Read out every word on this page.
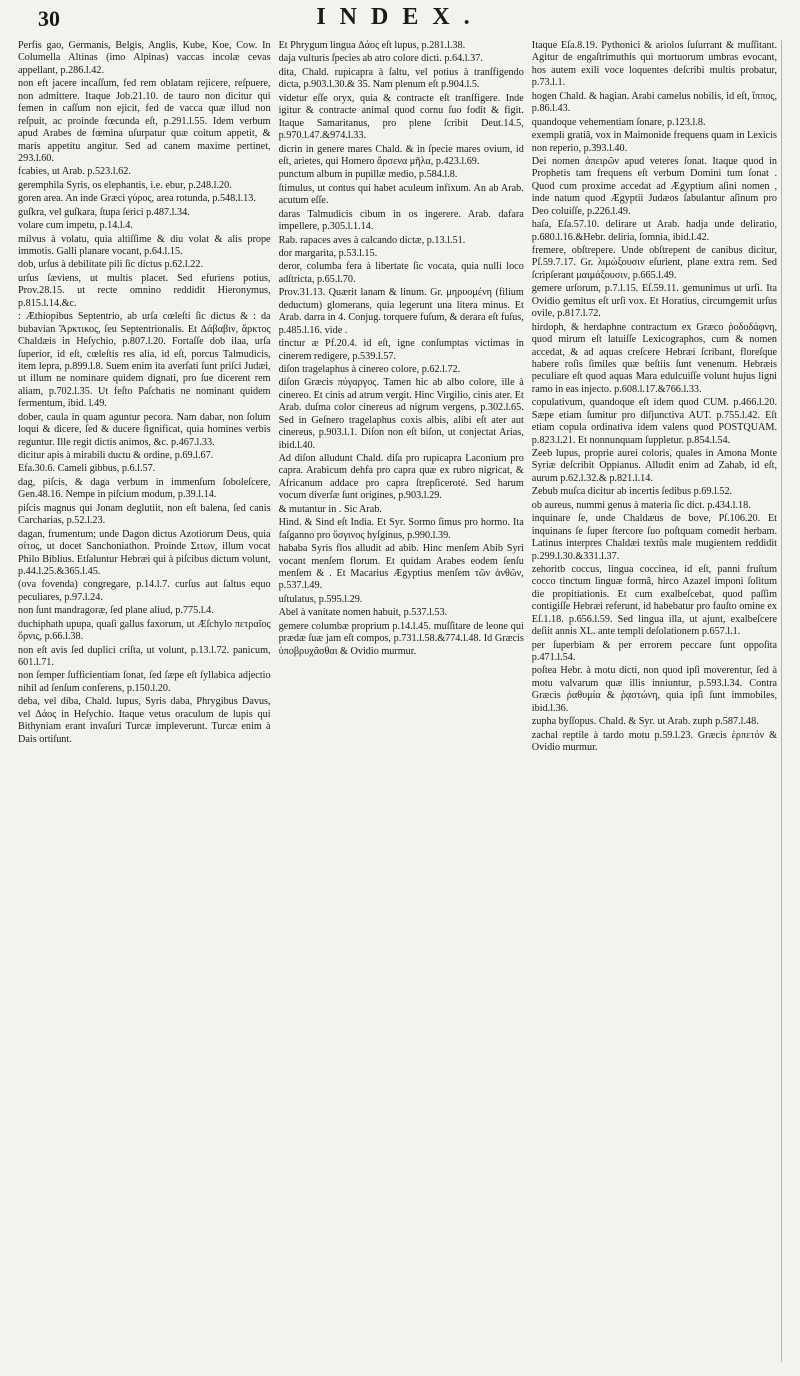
30	INDEX.

Perfis gao, Germanis, Belgis, Anglis, Kube, Koe, Cow. In Columella Altinas (imo Alpinas) vaccas incolæ cevas appellant, p.286.l.42.

non eft jacere incaſſum, fed rem oblatam rejicere, reſpuere, non admittere. Itaque Job.21.10. de tauro non dicitur qui femen in caſſum non ejicit, fed de vacca quæ illud non reſpuit, ac proinde fœcunda eſt, p.291.l.55. Idem verbum apud Arabes de fœmina uſurpatur quæ coitum appetit, & maris appetitu angitur. Sed ad canem maxime pertinet, 293.l.60.

fcabies, ut Arab. p.523.l.62.

geremphila Syris, os elephantis, i.e. ebur, p.248.l.20.

goren area. An inde Græci γύρος, area rotunda, p.548.l.13.

guſkra, vel guſkara, ſtupa ſerici p.487.l.34.

volare cum impetu, p.14.l.4.

milvus à volatu, quia altiſſime & diu volat & alis prope immotis. Galli planare vocant, p.64.l.15.

dob, urſus à debilitate pili ſic dictus p.62.l.22.

urſus ſæviens, ut multis placet. Sed efuriens potius, Prov.28.15. ut recte omnino reddidit Hieronymus, p.815.l.14.&c.

: Æthiopibus Septentrio, ab urſa cœleſti ſic dictus & : da bubavian Ἄρκτικος, ſeu Septentrionalis. Et Δάβαβιν, ἄρκτος Chaldæis in Heſychio, p.807.l.20. Fortaſſe dob ilaa, urſa ſuperior, id eſt, cœleſtis res alia, id eſt, porcus Talmudicis, item lepra, p.899.l.8. Suem enim ita averſati ſunt priſci Judæi, ut illum ne nominare quidem dignati, pro ſue dicerent rem aliam, p.702.l.35. Ut feſto Paſchatis ne nominant quidem fermentum, ibid. l.49.

dober, caula in quam aguntur pecora. Nam dabar, non ſolum loqui & dicere, ſed & ducere ſignificat, quia homines verbis reguntur. Ille regit dictis animos, &c. p.467.l.33.

dicitur apis à mirabili ductu & ordine, p.69.l.67.

Efa.30.6. Cameli gibbus, p.6.l.57.

dag, piſcis, & daga verbum in immenſum ſoboleſcere, Gen.48.16. Nempe in piſcium modum, p.39.l.14.

piſcis magnus qui Jonam deglutiit, non eſt balena, ſed canis Carcharias, p.52.l.23.

dagan, frumentum; unde Dagon dictus Azotiorum Deus, quia σίτος, ut docet Sanchoniathon. Proinde Σιτων, illum vocat Philo Biblius. Etſaluntur Hebræi qui à piſcibus dictum volunt, p.44.l.25.&365.l.45.

(ova fovenda) congregare, p.14.l.7. curſus aut ſaltus equo peculiares, p.97.l.24.

non ſunt mandragoræ, ſed plane aliud, p.775.l.4.

duchiphath upupa, quaſi gallus faxorum, ut Æſchylo πετραῖος ὄρνις, p.66.l.38.

non eſt avis ſed duplici criſta, ut volunt, p.13.l.72. panicum, 601.l.71.

non ſemper ſufficientiam ſonat, ſed ſæpe eſt ſyllabica adjectio nihil ad ſenſum conferens, p.150.l.20.

deba, vel diba, Chald. lupus, Syris daba, Phrygibus Davus, vel Δάος in Heſychio. Itaque vetus oraculum de lupis qui Bithyniam erant invaſuri Turcæ impleverunt. Turcæ enim à Dais ortiſunt.

Et Phrygum lingua Δάος eſt lupus, p.281.l.38.

daja vulturis ſpecies ab atro colore dicti. p.64.l.37.

dita, Chald. rupicapra à ſaltu, vel potius à tranſfigendo dicta, p.903.l.30.& 35. Nam plenum eſt p.904.l.5.

videtur eſſe oryx, quia & contracte eſt tranſfigere. Inde igitur & contracte animal quod cornu ſuo fodit & figit. Itaque Samaritanus, pro plene ſcribit Deut.14.5, p.970.l.47.&974.l.33.

dicrin in genere mares Chald. & in ſpecie mares ovium, id eſt, arietes, qui Homero ἄρσενα μῆλα, p.423.l.69.

punctum album in pupillæ medio, p.584.l.8.

ſtimulus, ut contus qui habet aculeum infixum. An ab Arab. acutum eſſe.

daras Talmudicis cibum in os ingerere. Arab. dafara impellere, p.305.l.1.14.

Rab. rapaces aves à calcando dictæ, p.13.l.51.

dor margarita, p.53.l.15.

deror, columba fera à libertate ſic vocata, quia nulli loco adſtricta, p.65.l.70.

Prov.31.13. Quærit lanam & linum. Gr. μηρυομένη (filium deductum) glomerans, quia legerunt una litera minus. Et Arab. darra in 4. Conjug. torquere fuſum, & derara eſt fuſus, p.485.l.16. vide .

tinctur æ Pf.20.4. id eſt, igne conſumptas victimas in cinerem redigere, p.539.l.57.

diſon tragelaphus à cinereo colore, p.62.l.72.

diſon Græcis πύγαργος. Tamen hic ab albo colore, ille à cinereo. Et cinis ad atrum vergit. Hinc Virgilio, cinis ater. Et Arab. duſma color cinereus ad nigrum vergens, p.302.l.65. Sed in Geſnero tragelaphus coxis albis, alibi eſt ater aut cinereus, p.903.l.1. Diſon non eſt biſon, ut conjectat Arias, ibid.l.40.

Ad diſon alludunt Chald. diſa pro rupicapra Laconium pro capra. Arabicum dehfa pro capra quæ ex rubro nigricat, & Africanum addace pro capra ſtrepſiceroté. Sed harum vocum diverſæ ſunt origines, p.903.l.29.

& mutantur in . Sic Arab.

Hind. & Sind eſt India. Et Syr. Sormo ſimus pro hormo. Ita faſganno pro ὕσγινος hyſginus, p.990.l.39.

hababa Syris flos alludit ad abib. Hinc menſem Abib Syri vocant menſem florum. Et quidam Arabes eodem ſenſu menſem & . Et Macarius Ægyptius menſem τῶν ἀνθῶν, p.537.l.49.

uſtulatus, p.595.l.29.

Abel à vanitate nomen habuit, p.537.l.53.

gemere columbæ proprium p.14.l.45. muſſitare de leone qui prædæ ſuæ jam eſt compos, p.731.l.58.&774.l.48. Id Græcis ὑποβρυχᾶσθαι & Ovidio murmur.

Itaque Eſa.8.19. Pythonici & ariolos ſuſurrant & muſſitant. Agitur de engaſtrimuthis qui mortuorum umbras evocant, hos autem exili voce loquentes deſcribi multis probatur, p.73.l.1.

hogen Chald. & hagian. Arabi camelus nobilis, id eſt, ἵππος, p.86.l.43.

quandoque vehementiam ſonare, p.123.l.8.

exempli gratiâ, vox in Maimonide frequens quam in Lexicis non reperio, p.393.l.40.

Dei nomen ἀπειρῶν apud veteres ſonat. Itaque quod in Prophetis tam frequens eſt verbum Domini tum ſonat . Quod cum proxime accedat ad Ægyptium aſini nomen , inde natum quod Ægyptii Judæos ſabulantur aſinum pro Deo coluiſſe, p.226.l.49.

haſa, Eſa.57.10. delirare ut Arab. hadja unde deliratio, p.680.l.16.&Hebr. deliria, ſomnia, ibid.l.42.

fremere, obſtrepere. Unde obſtrepent de canibus dicitur, Pſ.59.7.17. Gr. λιμώξουσιν eſurient, plane extra rem. Sed ſcripſerant μαιμάξουσιν, p.665.l.49.

gemere urſorum, p.7.l.15. Eſ.59.11. gemunimus ut urſi. Ita Ovidio gemitus eſt urſi vox. Et Horatius, circumgemit urſus ovile, p.817.l.72.

hirdoph, & herdaphne contractum ex Græco ῥοδοδάφνη, quod mirum eſt latuiſſe Lexicographos, cum & nomen accedat, & ad aquas creſcere Hebræi ſcribant, floreſque habere roſis ſimiles quæ beſtiis ſunt venenum. Hebræis peculiare eſt quod aquas Mara edulcuiſſe volunt hujus ligni ramo in eas injecto. p.608.l.17.&766.l.33.

copulativum, quandoque eſt idem quod CUM. p.466.l.20. Sæpe etiam ſumitur pro diſjunctiva AUT. p.755.l.42. Eſt etiam copula ordinativa idem valens quod POSTQUAM. p.823.l.21. Et nonnunquam ſuppletur. p.854.l.54.

Zeeb lupus, proprie aurei coloris, quales in Amona Monte Syriæ deſcribit Oppianus. Alludit enim ad Zahab, id eſt, aurum p.62.l.32.& p.821.l.14.

Zebub muſca dicitur ab incertis ſedibus p.69.l.52.

ob aureus, nummi genus à materia ſic dict. p.434.l.18.

inquinare ſe, unde Chaldæus de bove, Pſ.106.20. Et inquinans ſe ſuper ſtercore ſuo poſtquam comedit herbam. Latinus interpres Chaldæi textûs male mugientem reddidit p.299.l.30.&331.l.37.

zehoritb coccus, lingua coccinea, id eſt, panni fruſtum cocco tinctum linguæ formâ, hirco Azazel imponi ſolitum die propitiationis. Et cum exalbeſcebat, quod paſſim contigiſſe Hebræi referunt, id habebatur pro fauſto omine ex Eſ.1.18. p.656.l.59. Sed lingua illa, ut ajunt, exalbeſcere deſiit annis XL. ante templi deſolationem p.657.l.1.

per ſuperbiam & per errorem peccare ſunt oppoſita p.471.l.54.

poſtea Hebr. à motu dicti, non quod ipſi moverentur, ſed à motu valvarum quæ illis inniuntur, p.593.l.34. Contra Græcis ῥαθυμία & ῥᾳστώνη, quia ipſi ſunt immobiles, ibid.l.36.

zupha byſſopus. Chald. & Syr. ut Arab. zuph p.587.l.48.

zachal reptile à tardo motu p.59.l.23. Græcis ἑρπετόν & Ovidio murmur.
